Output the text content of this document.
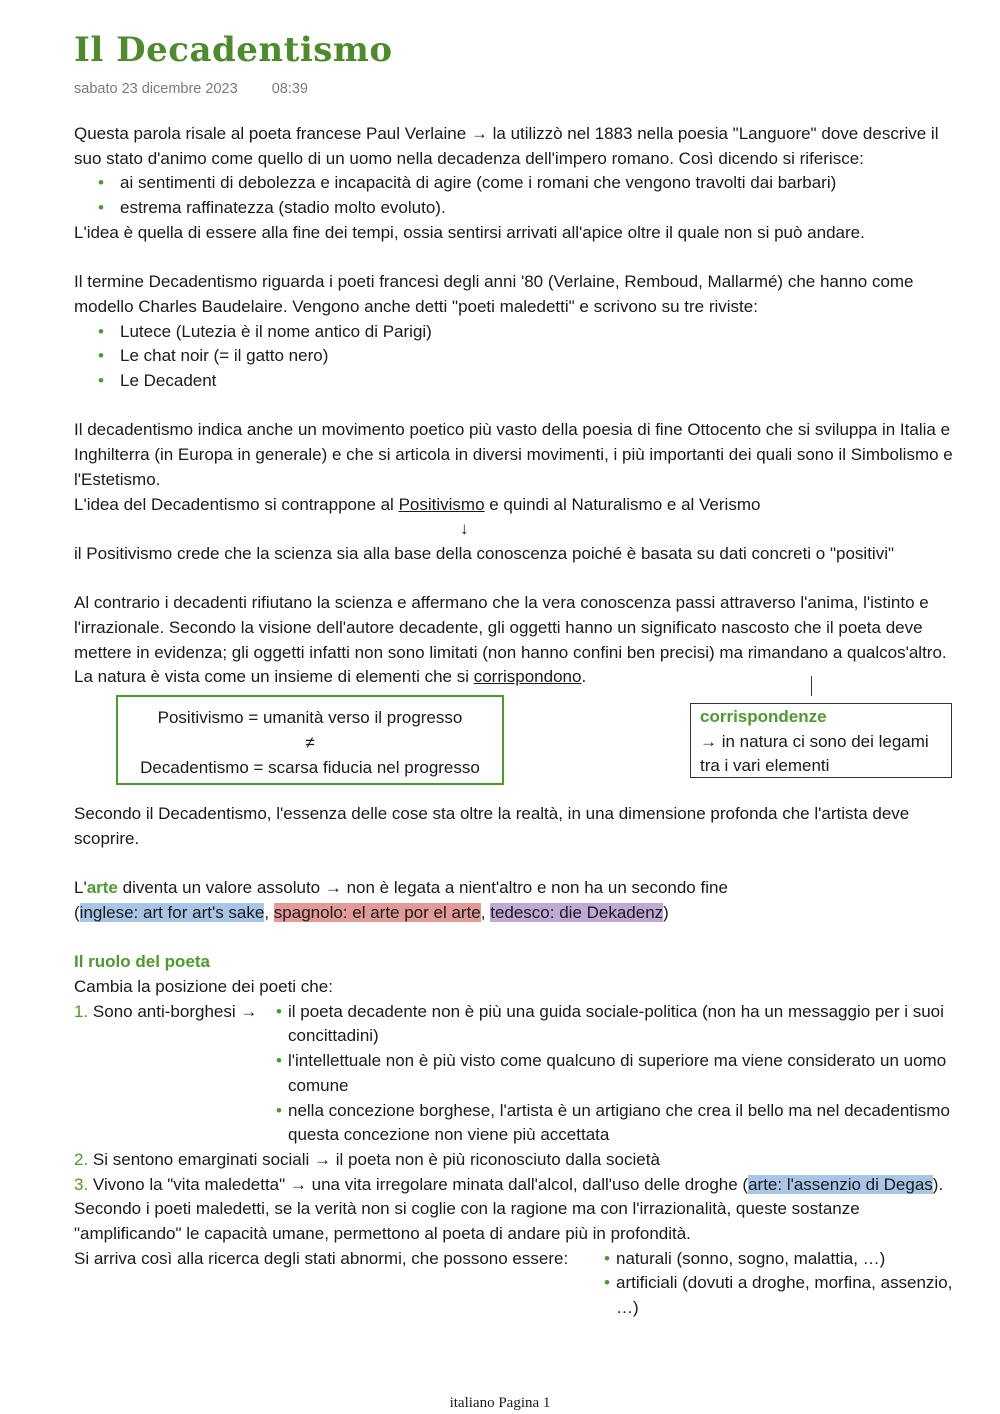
Il Decadentismo
sabato 23 dicembre 2023 08:39

Questa parola risale al poeta francese Paul Verlaine → la utilizzò nel 1883 nella poesia "Languore" dove descrive il suo stato d'animo come quello di un uomo nella decadenza dell'impero romano. Così dicendo si riferisce:

• ai sentimenti di debolezza e incapacità di agire (come i romani che vengono travolti dai barbari)
• estrema raffinatezza (stadio molto evoluto).

L'idea è quella di essere alla fine dei tempi, ossia sentirsi arrivati all'apice oltre il quale non si può andare.

Il termine Decadentismo riguarda i poeti francesi degli anni '80 (Verlaine, Remboud, Mallarmé) che hanno come modello Charles Baudelaire. Vengono anche detti "poeti maledetti" e scrivono su tre riviste:

• Lutece (Lutezia è il nome antico di Parigi)
• Le chat noir (= il gatto nero)
• Le Decadent

Il decadentismo indica anche un movimento poetico più vasto della poesia di fine Ottocento che si sviluppa in Italia e Inghilterra (in Europa in generale) e che si articola in diversi movimenti, i più importanti dei quali sono il Simbolismo e l'Estetismo.

L'idea del Decadentismo si contrappone al Positivismo e quindi al Naturalismo e al Verismo

↓

il Positivismo crede che la scienza sia alla base della conoscenza poiché è basata su dati concreti o "positivi"

Al contrario i decadenti rifiutano la scienza e affermano che la vera conoscenza passi attraverso l'anima, l'istinto e l'irrazionale. Secondo la visione dell'autore decadente, gli oggetti hanno un significato nascosto che il poeta deve mettere in evidenza; gli oggetti infatti non sono limitati (non hanno confini ben precisi) ma rimandano a qualcos'altro. La natura è vista come un insieme di elementi che si corrispondono.

Positivismo = umanità verso il progresso
≠
Decadentismo = scarsa fiducia nel progresso
corrispondenze
→ in natura ci sono dei legami
tra i vari elementi

Secondo il Decadentismo, l'essenza delle cose sta oltre la realtà, in una dimensione profonda che l'artista deve scoprire.

L'arte diventa un valore assoluto → non è legata a nient'altro e non ha un secondo fine

(inglese: art for art's sake, spagnolo: el arte por el arte, tedesco: die Dekadenz)

Il ruolo del poeta

Cambia la posizione dei poeti che:

1. Sono anti-borghesi →	• il poeta decadente non è più una guida sociale-politica (non ha un messaggio per i suoi concittadini)
• l'intellettuale non è più visto come qualcuno di superiore ma viene considerato un uomo comune
• nella concezione borghese, l'artista è un artigiano che crea il bello ma nel decadentismo questa concezione non viene più accettata

2. Si sentono emarginati sociali → il poeta non è più riconosciuto dalla società

3. Vivono la "vita maledetta" → una vita irregolare minata dall'alcol, dall'uso delle droghe (arte: l'assenzio di Degas). Secondo i poeti maledetti, se la verità non si coglie con la ragione ma con l'irrazionalità, queste sostanze "amplificando" le capacità umane, permettono al poeta di andare più in profondità.

Si arriva così alla ricerca degli stati abnormi, che possono essere:	• naturali (sonno, sogno, malattia, …)
• artificiali (dovuti a droghe, morfina, assenzio, …)
italiano Pagina 1
